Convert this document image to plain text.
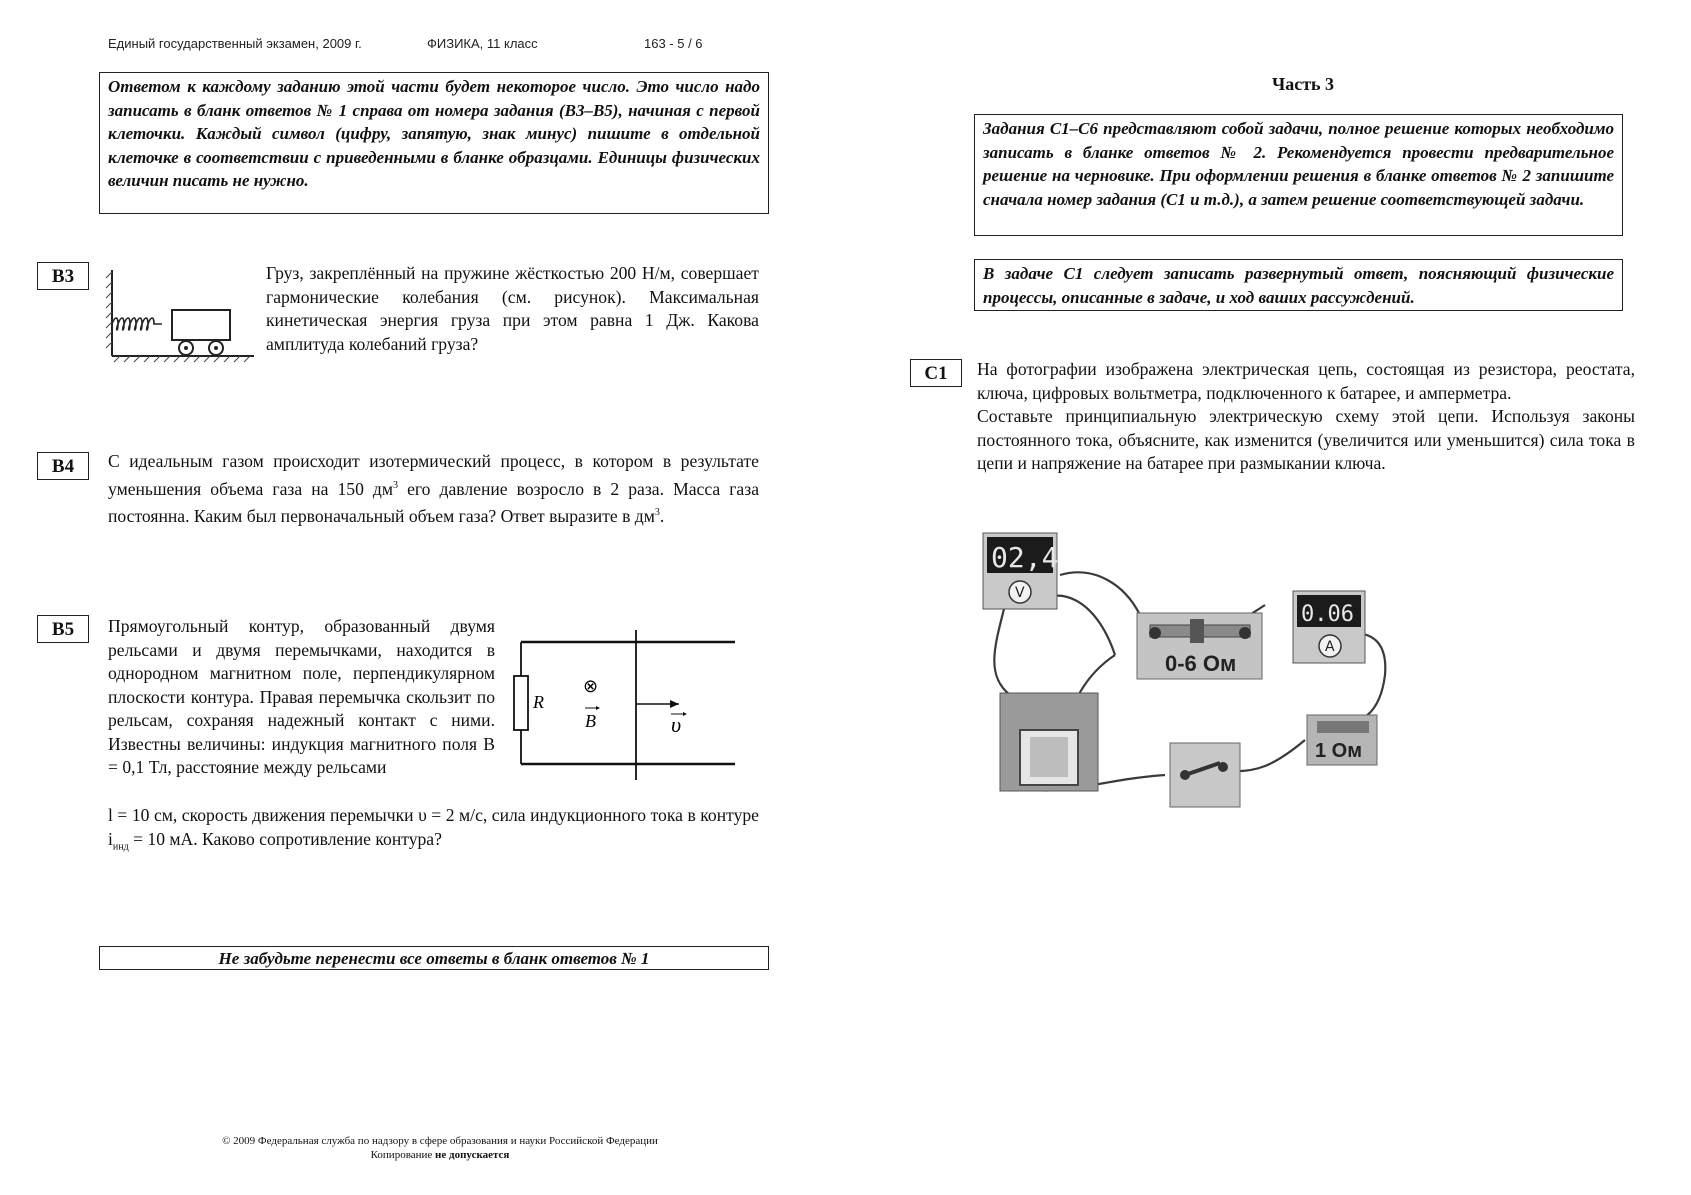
Единый государственный экзамен, 2009 г.	ФИЗИКА, 11 класс	163 - 5 / 6
Ответом к каждому заданию этой части будет некоторое число. Это число надо записать в бланк ответов № 1 справа от номера задания (В3–В5), начиная с первой клеточки. Каждый символ (цифру, запятую, знак минус) пишите в отдельной клеточке в соответствии с приведенными в бланке образцами. Единицы физических величин писать не нужно.
В3	Груз, закреплённый на пружине жёсткостью 200 Н/м, совершает гармонические колебания (см. рисунок). Максимальная кинетическая энергия груза при этом равна 1 Дж. Какова амплитуда колебаний груза?
В4	С идеальным газом происходит изотермический процесс, в котором в результате уменьшения объема газа на 150 $дм^3$ его давление возросло в 2 раза. Масса газа постоянна. Каким был первоначальный объем газа? Ответ выразите в $дм^3$.
В5	Прямоугольный контур, образованный двумя рельсами и двумя перемычками, находится в однородном магнитном поле, перпендикулярном плоскости контура. Правая перемычка скользит по рельсам, сохраняя надежный контакт с ними. Известны величины: индукция магнитного поля B = 0,1 Тл, расстояние между рельсами
R
⊗
B	υ
l = 10 см, скорость движения перемычки υ = 2 м/с, сила индукционного тока в контуре $i_{инд} = 10$ мА. Каково сопротивление контура?
Не забудьте перенести все ответы в бланк ответов № 1
© 2009 Федеральная служба по надзору в сфере образования и науки Российской Федерации
Копирование не допускается
Часть 3
Задания С1–С6 представляют собой задачи, полное решение которых необходимо записать в бланке ответов № 2. Рекомендуется провести предварительное решение на черновике. При оформлении решения в бланке ответов № 2 запишите сначала номер задания (С1 и т.д.), а затем решение соответствующей задачи.
В задаче С1 следует записать развернутый ответ, поясняющий физические процессы, описанные в задаче, и ход ваших рассуждений.
С1	На фотографии изображена электрическая цепь, состоящая из резистора, реостата, ключа, цифровых вольтметра, подключенного к батарее, и амперметра.
Составьте принципиальную электрическую схему этой цепи. Используя законы постоянного тока, объясните, как изменится (увеличится или уменьшится) сила тока в цепи и напряжение на батарее при размыкании ключа.
02,4
V
0-6 Ом
0.06
A
1 Ом
